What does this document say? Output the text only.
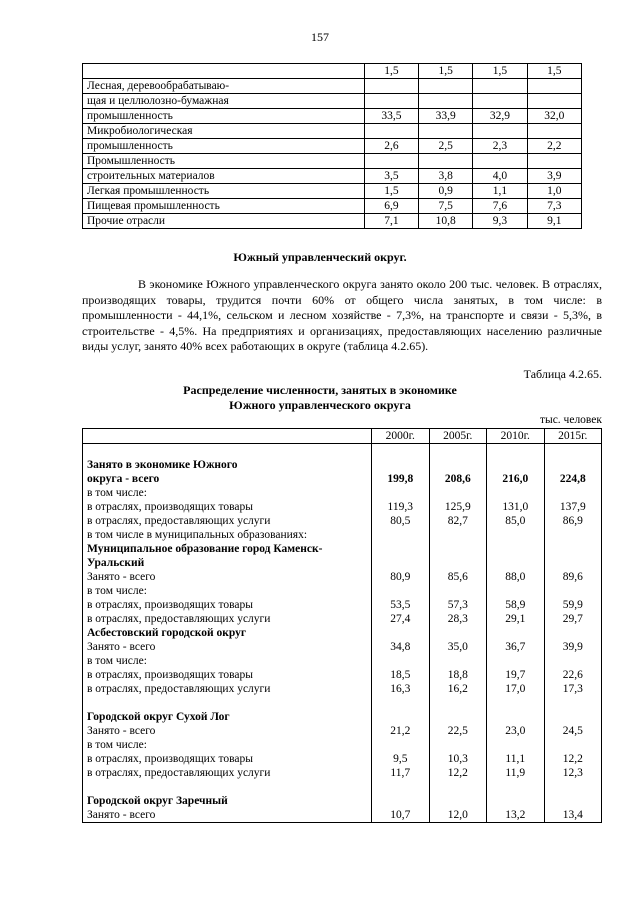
157
	1,5	1,5	1,5	1,5
Лесная, деревообрабатываю-				
щая и целлюлозно-бумажная				
промышленность	33,5	33,9	32,9	32,0
Микробиологическая				
промышленность	2,6	2,5	2,3	2,2
Промышленность				
строительных материалов	3,5	3,8	4,0	3,9
Легкая промышленность	1,5	0,9	1,1	1,0
Пищевая промышленность	6,9	7,5	7,6	7,3
Прочие отрасли	7,1	10,8	9,3	9,1
Южный управленческий округ.

В экономике Южного управленческого округа занято около 200 тыс. человек. В отраслях, производящих товары, трудится почти 60% от общего числа занятых, в том числе: в промышленности - 44,1%, сельском и лесном хозяйстве - 7,3%, на транспорте и связи - 5,3%, в строительстве - 4,5%. На предприятиях и организациях, предоставляющих населению различные виды услуг, занято 40% всех работающих в округе (таблица 4.2.65).

Таблица 4.2.65.
Распределение численности, занятых в экономике
Южного управленческого округа
тыс. человек
	2000г.	2005г.	2010г.	2015г.

Занято в экономике Южного				
округа - всего	199,8	208,6	216,0	224,8
в том числе:				
в отраслях, производящих товары	119,3	125,9	131,0	137,9
в отраслях, предоставляющих услуги	80,5	82,7	85,0	86,9
в том числе в муниципальных образованиях:				
Муниципальное образование город Каменск-				
Уральский				
Занято - всего	80,9	85,6	88,0	89,6
в том числе:				
в отраслях, производящих товары	53,5	57,3	58,9	59,9
в отраслях, предоставляющих услуги	27,4	28,3	29,1	29,7
Асбестовский городской округ				
Занято - всего	34,8	35,0	36,7	39,9
в том числе:				
в отраслях, производящих товары	18,5	18,8	19,7	22,6
в отраслях, предоставляющих услуги	16,3	16,2	17,0	17,3

Городской округ Сухой Лог				
Занято - всего	21,2	22,5	23,0	24,5
в том числе:				
в отраслях, производящих товары	9,5	10,3	11,1	12,2
в отраслях, предоставляющих услуги	11,7	12,2	11,9	12,3

Городской округ Заречный				
Занято - всего	10,7	12,0	13,2	13,4
